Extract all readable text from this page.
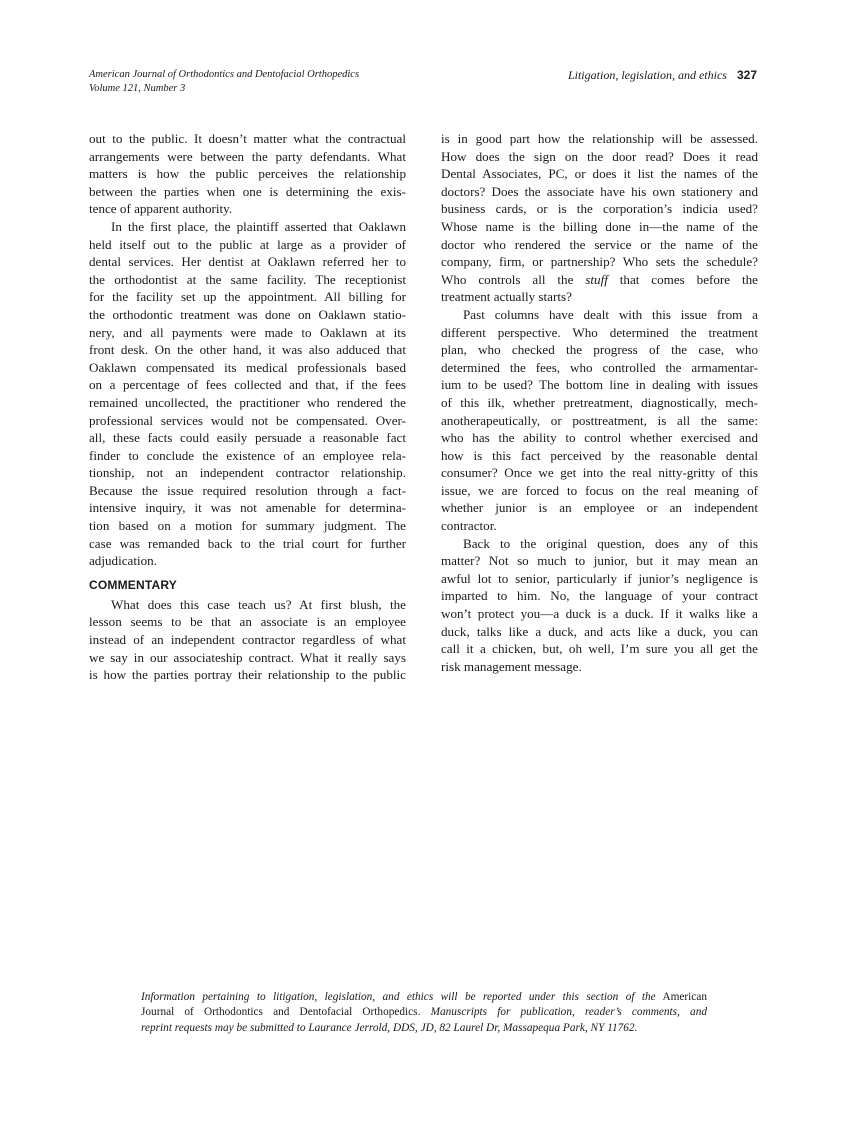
American Journal of Orthodontics and Dentofacial Orthopedics
Volume 121, Number 3
Litigation, legislation, and ethics 327
out to the public. It doesn’t matter what the contractual
arrangements were between the party defendants. What
matters is how the public perceives the relationship
between the parties when one is determining the exis-
tence of apparent authority.
In the first place, the plaintiff asserted that Oaklawn
held itself out to the public at large as a provider of
dental services. Her dentist at Oaklawn referred her to
the orthodontist at the same facility. The receptionist
for the facility set up the appointment. All billing for
the orthodontic treatment was done on Oaklawn statio-
nery, and all payments were made to Oaklawn at its
front desk. On the other hand, it was also adduced that
Oaklawn compensated its medical professionals based
on a percentage of fees collected and that, if the fees
remained uncollected, the practitioner who rendered the
professional services would not be compensated. Over-
all, these facts could easily persuade a reasonable fact
finder to conclude the existence of an employee rela-
tionship, not an independent contractor relationship.
Because the issue required resolution through a fact-
intensive inquiry, it was not amenable for determina-
tion based on a motion for summary judgment. The
case was remanded back to the trial court for further
adjudication.
COMMENTARY
What does this case teach us? At first blush, the
lesson seems to be that an associate is an employee
instead of an independent contractor regardless of what
we say in our associateship contract. What it really says
is how the parties portray their relationship to the public
is in good part how the relationship will be assessed.
How does the sign on the door read? Does it read
Dental Associates, PC, or does it list the names of the
doctors? Does the associate have his own stationery and
business cards, or is the corporation’s indicia used?
Whose name is the billing done in—the name of the
doctor who rendered the service or the name of the
company, firm, or partnership? Who sets the schedule?
Who controls all the stuff that comes before the
treatment actually starts?
Past columns have dealt with this issue from a
different perspective. Who determined the treatment
plan, who checked the progress of the case, who
determined the fees, who controlled the armamentar-
ium to be used? The bottom line in dealing with issues
of this ilk, whether pretreatment, diagnostically, mech-
anotherapeutically, or posttreatment, is all the same:
who has the ability to control whether exercised and
how is this fact perceived by the reasonable dental
consumer? Once we get into the real nitty-gritty of this
issue, we are forced to focus on the real meaning of
whether junior is an employee or an independent
contractor.
Back to the original question, does any of this
matter? Not so much to junior, but it may mean an
awful lot to senior, particularly if junior’s negligence is
imparted to him. No, the language of your contract
won’t protect you—a duck is a duck. If it walks like a
duck, talks like a duck, and acts like a duck, you can
call it a chicken, but, oh well, I’m sure you all get the
risk management message.
Information pertaining to litigation, legislation, and ethics will be reported under this section of the American
Journal of Orthodontics and Dentofacial Orthopedics. Manuscripts for publication, reader’s comments, and
reprint requests may be submitted to Laurance Jerrold, DDS, JD, 82 Laurel Dr, Massapequa Park, NY 11762.
